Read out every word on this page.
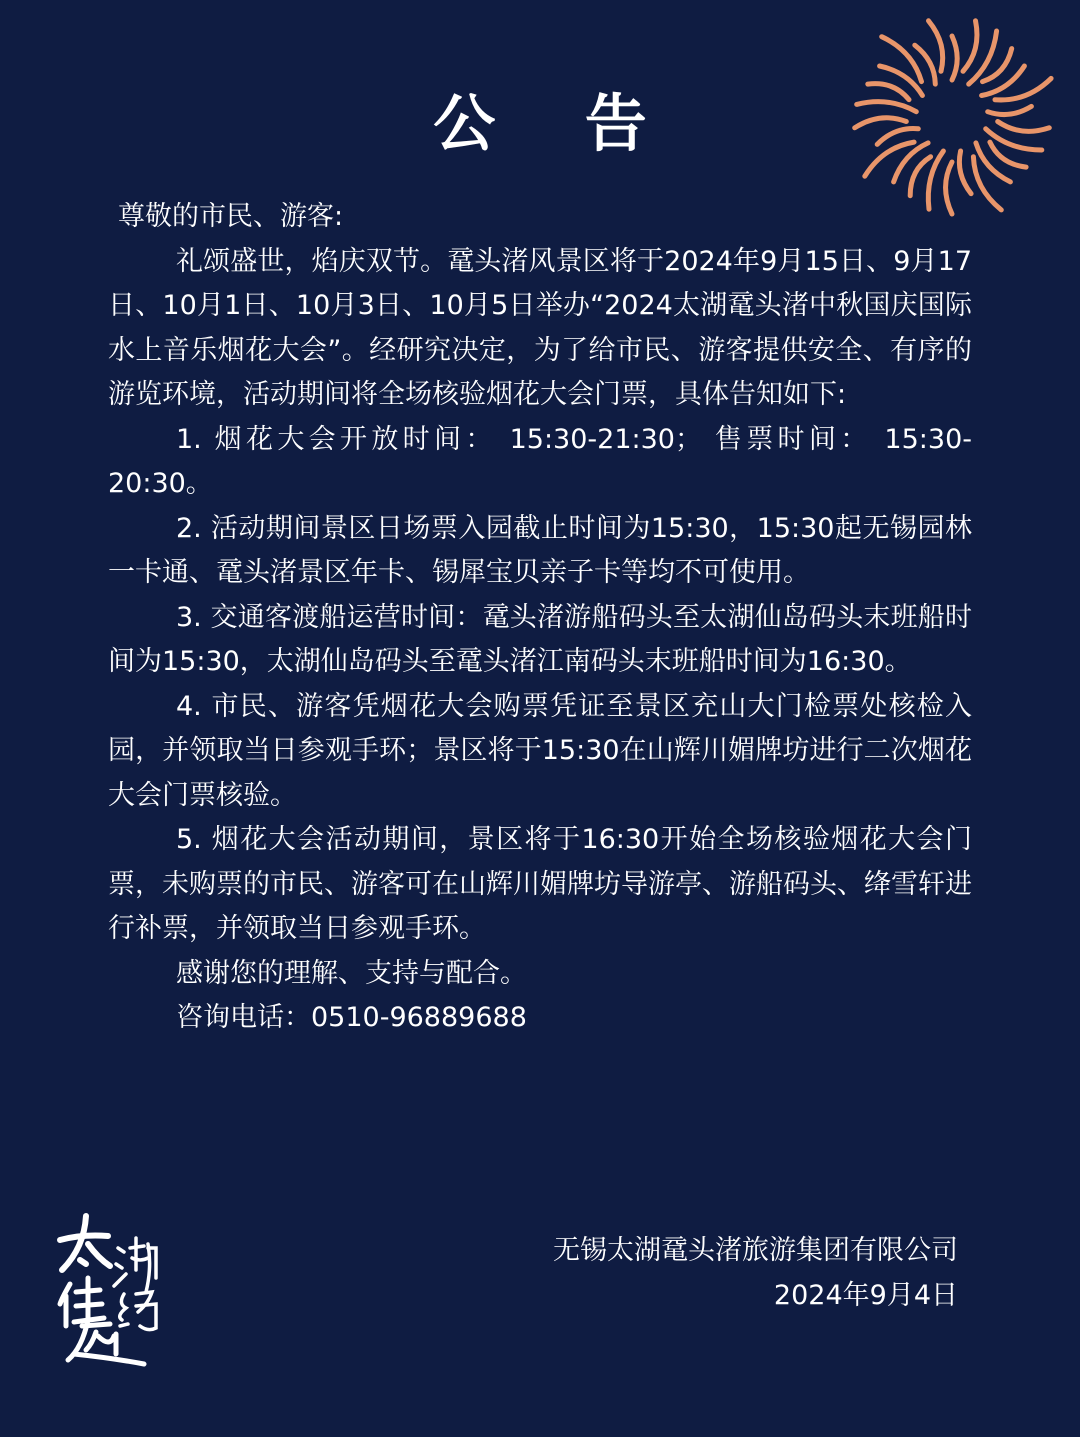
公 告

尊敬的市民、游客:

礼颂盛世，焰庆双节。鼋头渚风景区将于2024年9月15日、9月17日、10月1日、10月3日、10月5日举办“2024太湖鼋头渚中秋国庆国际水上音乐烟花大会”。经研究决定，为了给市民、游客提供安全、有序的游览环境，活动期间将全场核验烟花大会门票，具体告知如下:

1. 烟花大会开放时间： 15:30-21:30； 售票时间： 15:30-20:30。

2. 活动期间景区日场票入园截止时间为15:30，15:30起无锡园林一卡通、鼋头渚景区年卡、锡犀宝贝亲子卡等均不可使用。

3. 交通客渡船运营时间：鼋头渚游船码头至太湖仙岛码头末班船时间为15:30，太湖仙岛码头至鼋头渚江南码头末班船时间为16:30。

4. 市民、游客凭烟花大会购票凭证至景区充山大门检票处核检入园，并领取当日参观手环；景区将于15:30在山辉川媚牌坊进行二次烟花大会门票核验。

5. 烟花大会活动期间，景区将于16:30开始全场核验烟花大会门票，未购票的市民、游客可在山辉川媚牌坊导游亭、游船码头、绛雪轩进行补票，并领取当日参观手环。

感谢您的理解、支持与配合。

咨询电话：0510-96889688

无锡太湖鼋头渚旅游集团有限公司
2024年9月4日
